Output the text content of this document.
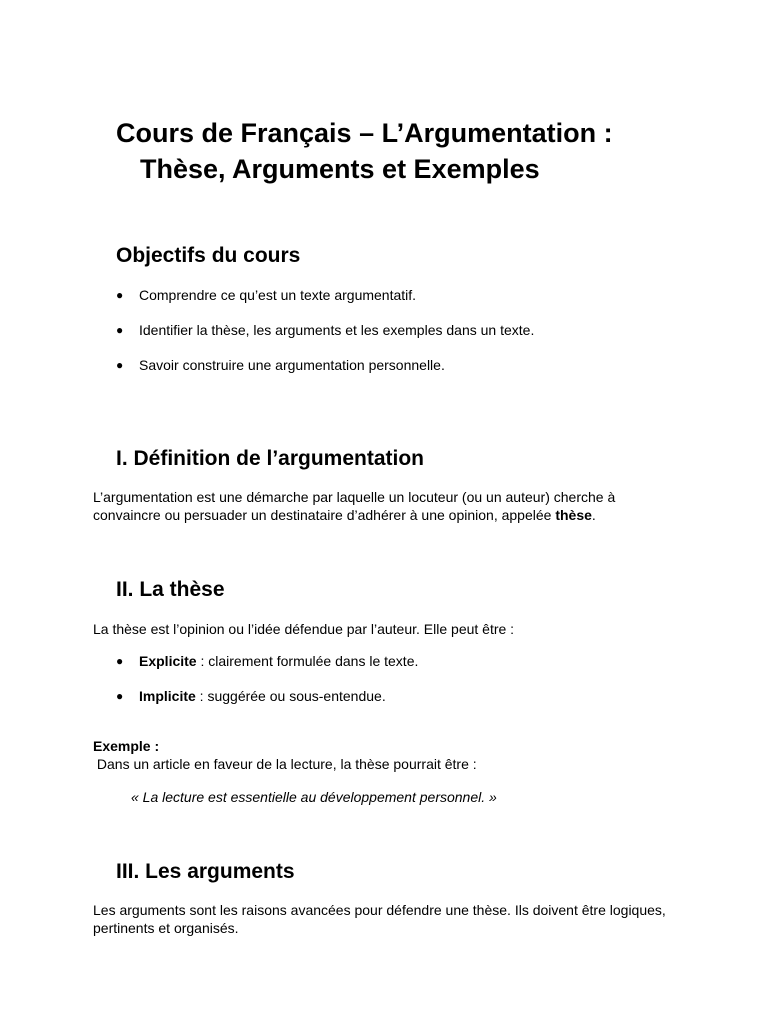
Cours de Français – L’Argumentation :
Thèse, Arguments et Exemples
Objectifs du cours
● Comprendre ce qu’est un texte argumentatif.
● Identifier la thèse, les arguments et les exemples dans un texte.
● Savoir construire une argumentation personnelle.
I. Définition de l’argumentation

L’argumentation est une démarche par laquelle un locuteur (ou un auteur) cherche à
convaincre ou persuader un destinataire d’adhérer à une opinion, appelée thèse.

II. La thèse

La thèse est l’opinion ou l’idée défendue par l’auteur. Elle peut être :

● Explicite : clairement formulée dans le texte.
● Implicite : suggérée ou sous-entendue.

Exemple :
Dans un article en faveur de la lecture, la thèse pourrait être :

« La lecture est essentielle au développement personnel. »

III. Les arguments

Les arguments sont les raisons avancées pour défendre une thèse. Ils doivent être logiques,
pertinents et organisés.
